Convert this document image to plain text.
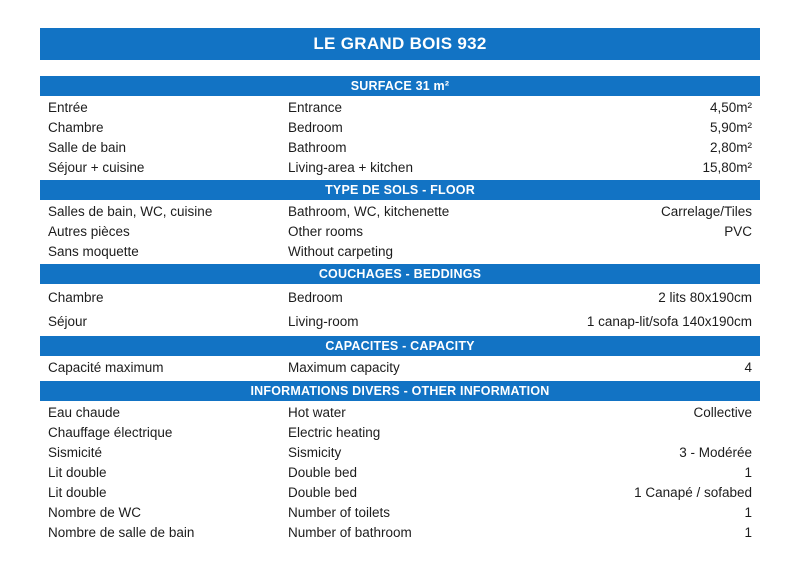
LE GRAND BOIS 932
SURFACE 31 m²
Entrée	Entrance	4,50m²
Chambre	Bedroom	5,90m²
Salle de bain	Bathroom	2,80m²
Séjour + cuisine	Living-area + kitchen	15,80m²
TYPE DE SOLS - FLOOR
Salles de bain, WC, cuisine	Bathroom, WC, kitchenette	Carrelage/Tiles
Autres pièces	Other rooms	PVC
Sans moquette	Without carpeting
COUCHAGES - BEDDINGS
Chambre	Bedroom	2 lits 80x190cm
Séjour	Living-room	1 canap-lit/sofa 140x190cm
CAPACITES - CAPACITY
Capacité maximum	Maximum capacity	4
INFORMATIONS DIVERS - OTHER INFORMATION
Eau chaude	Hot water	Collective
Chauffage électrique	Electric heating
Sismicité	Sismicity	3 - Modérée
Lit double	Double bed	1
Lit double	Double bed	1 Canapé / sofabed
Nombre de WC	Number of toilets	1
Nombre de salle de bain	Number of bathroom	1
